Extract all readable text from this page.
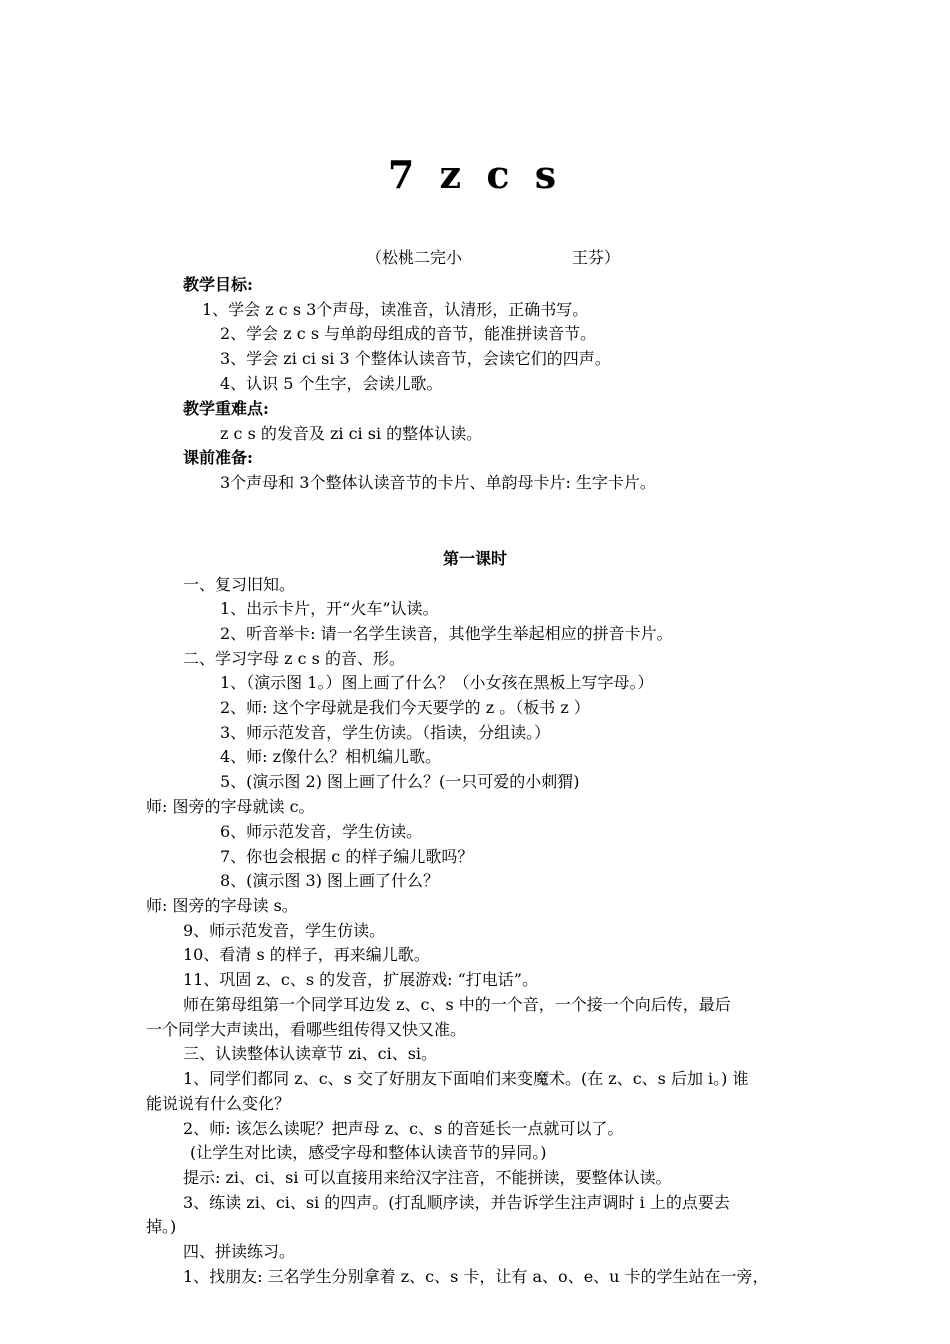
7 z c s
（松桃二完小	王芬）
教学目标:
1、学会 z c s 3个声母，读准音，认清形，正确书写。
2、学会 z c s 与单韵母组成的音节，能准拼读音节。
3、学会 zi ci si 3 个整体认读音节，会读它们的四声。
4、认识 5 个生字，会读儿歌。
教学重难点:
z c s 的发音及 zi ci si 的整体认读。
课前准备:
3个声母和 3个整体认读音节的卡片、单韵母卡片: 生字卡片。
第一课时
一、复习旧知。
1、出示卡片，开“火车”认读。
2、听音举卡: 请一名学生读音，其他学生举起相应的拼音卡片。
二、学习字母 z c s 的音、形。
1、（演示图 1。）图上画了什么？（小女孩在黑板上写字母。）
2、师: 这个字母就是我们今天要学的 z 。（板书 z ）
3、师示范发音，学生仿读。（指读，分组读。）
4、师: z像什么？相机编儿歌。
5、(演示图 2) 图上画了什么？(一只可爱的小刺猬)
师: 图旁的字母就读 c。
6、师示范发音，学生仿读。
7、你也会根据 c 的样子编儿歌吗？
8、(演示图 3) 图上画了什么？
师: 图旁的字母读 s。
9、师示范发音，学生仿读。
10、看清 s 的样子，再来编儿歌。
11、巩固 z、c、s 的发音，扩展游戏: “打电话”。
师在第母组第一个同学耳边发 z、c、s 中的一个音，一个接一个向后传，最后
一个同学大声读出，看哪些组传得又快又准。
三、认读整体认读章节 zi、ci、si。
1、同学们都同 z、c、s 交了好朋友下面咱们来变魔术。(在 z、c、s 后加 i。) 谁
能说说有什么变化？
2、师: 该怎么读呢？把声母 z、c、s 的音延长一点就可以了。
(让学生对比读，感受字母和整体认读音节的异同。)
提示: zi、ci、si 可以直接用来给汉字注音，不能拼读，要整体认读。
3、练读 zi、ci、si 的四声。(打乱顺序读，并告诉学生注声调时 i 上的点要去
掉。)
四、拼读练习。
1、找朋友: 三名学生分别拿着 z、c、s 卡，让有 a、o、e、u 卡的学生站在一旁，
